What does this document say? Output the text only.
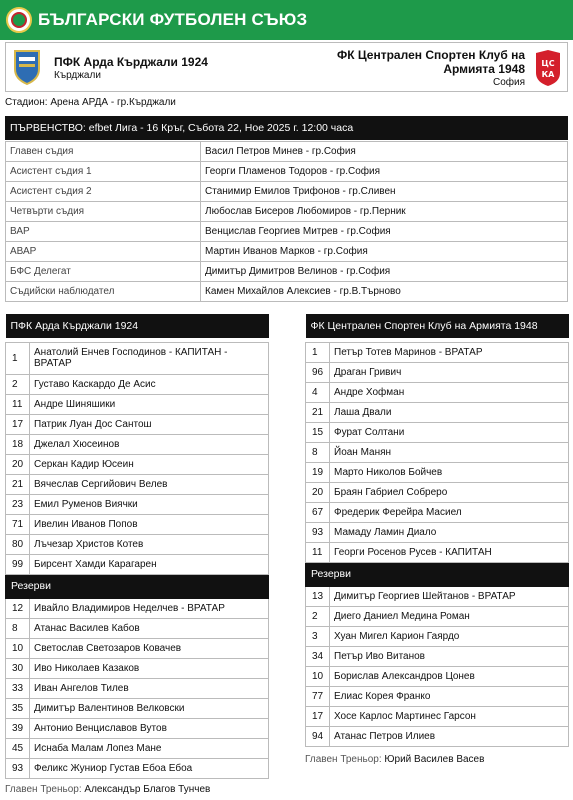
БЪЛГАРСКИ ФУТБОЛЕН СЪЮЗ
ПФК Арда Кърджали 1924
Кърджали
ФК Централен Спортен Клуб на
Армията 1948
София
ЦС
КА
Стадион: Арена АРДА - гр.Кърджали
ПЪРВЕНСТВО: efbet Лига - 16 Кръг, Събота 22, Ное 2025 г. 12:00 часа
Главен съдия	Васил Петров Минев - гр.София
Асистент съдия 1	Георги Пламенов Тодоров - гр.София
Асистент съдия 2	Станимир Емилов Трифонов - гр.Сливен
Четвърти съдия	Любослав Бисеров Любомиров - гр.Перник
ВАР	Венцислав Георгиев Митрев - гр.София
АВАР	Мартин Иванов Марков - гр.София
БФС Делегат	Димитър Димитров Велинов - гр.София
Съдийски наблюдател	Камен Михайлов Алексиев - гр.В.Търново
ПФК Арда Кърджали 1924	

1	Анатолий Енчев Господинов - КАПИТАН -
ВРАТАР

2	Густаво Каскардо Де Асис

11	Андре Шиняшики

17	Патрик Луан Дос Сантош

18	Джелал Хюсеинов

20	Серкан Кадир Юсеин

21	Вячеслав Сергийович Велев

23	Емил Руменов Виячки

71	Ивелин Иванов Попов

80	Лъчезар Христов Котев

99	Бирсент Хамди Карагарен

Резерви	
12	Ивайло Владимиров Неделчев - ВРАТАР

8	Атанас Василев Кабов

10	Светослав Светозаров Ковачев

30	Иво Николаев Казаков

33	Иван Ангелов Тилев

35	Димитър Валентинов Велковски

39	Антонио Венциславов Вутов

45	Иснаба Малам Лопез Мане

93	Феликс Жуниор Густав Ебоа Ебоа
ФК Централен Спортен Клуб на Армията 1948	

1	Петър Тотев Маринов - ВРАТАР

96	Драган Гривич

4	Андре Хофман

21	Лаша Двали

15	Фурат Солтани

8	Йоан Манян

19	Марто Николов Бойчев

20	Браян Габриел Собреро

67	Фредерик Ферейра Масиел

93	Мамаду Ламин Диало

11	Георги Росенов Русев - КАПИТАН

Резерви	
13	Димитър Георгиев Шейтанов - ВРАТАР

2	Диего Даниел Медина Роман

3	Хуан Мигел Карион Гаярдо

34	Петър Иво Витанов

10	Борислав Александров Цонев

77	Елиас Корея Франко

17	Хосе Карлос Мартинес Гарсон

94	Атанас Петров Илиев
Главен Треньор: Юрий Василев Васев
Главен Треньор: Александър Благов Тунчев
